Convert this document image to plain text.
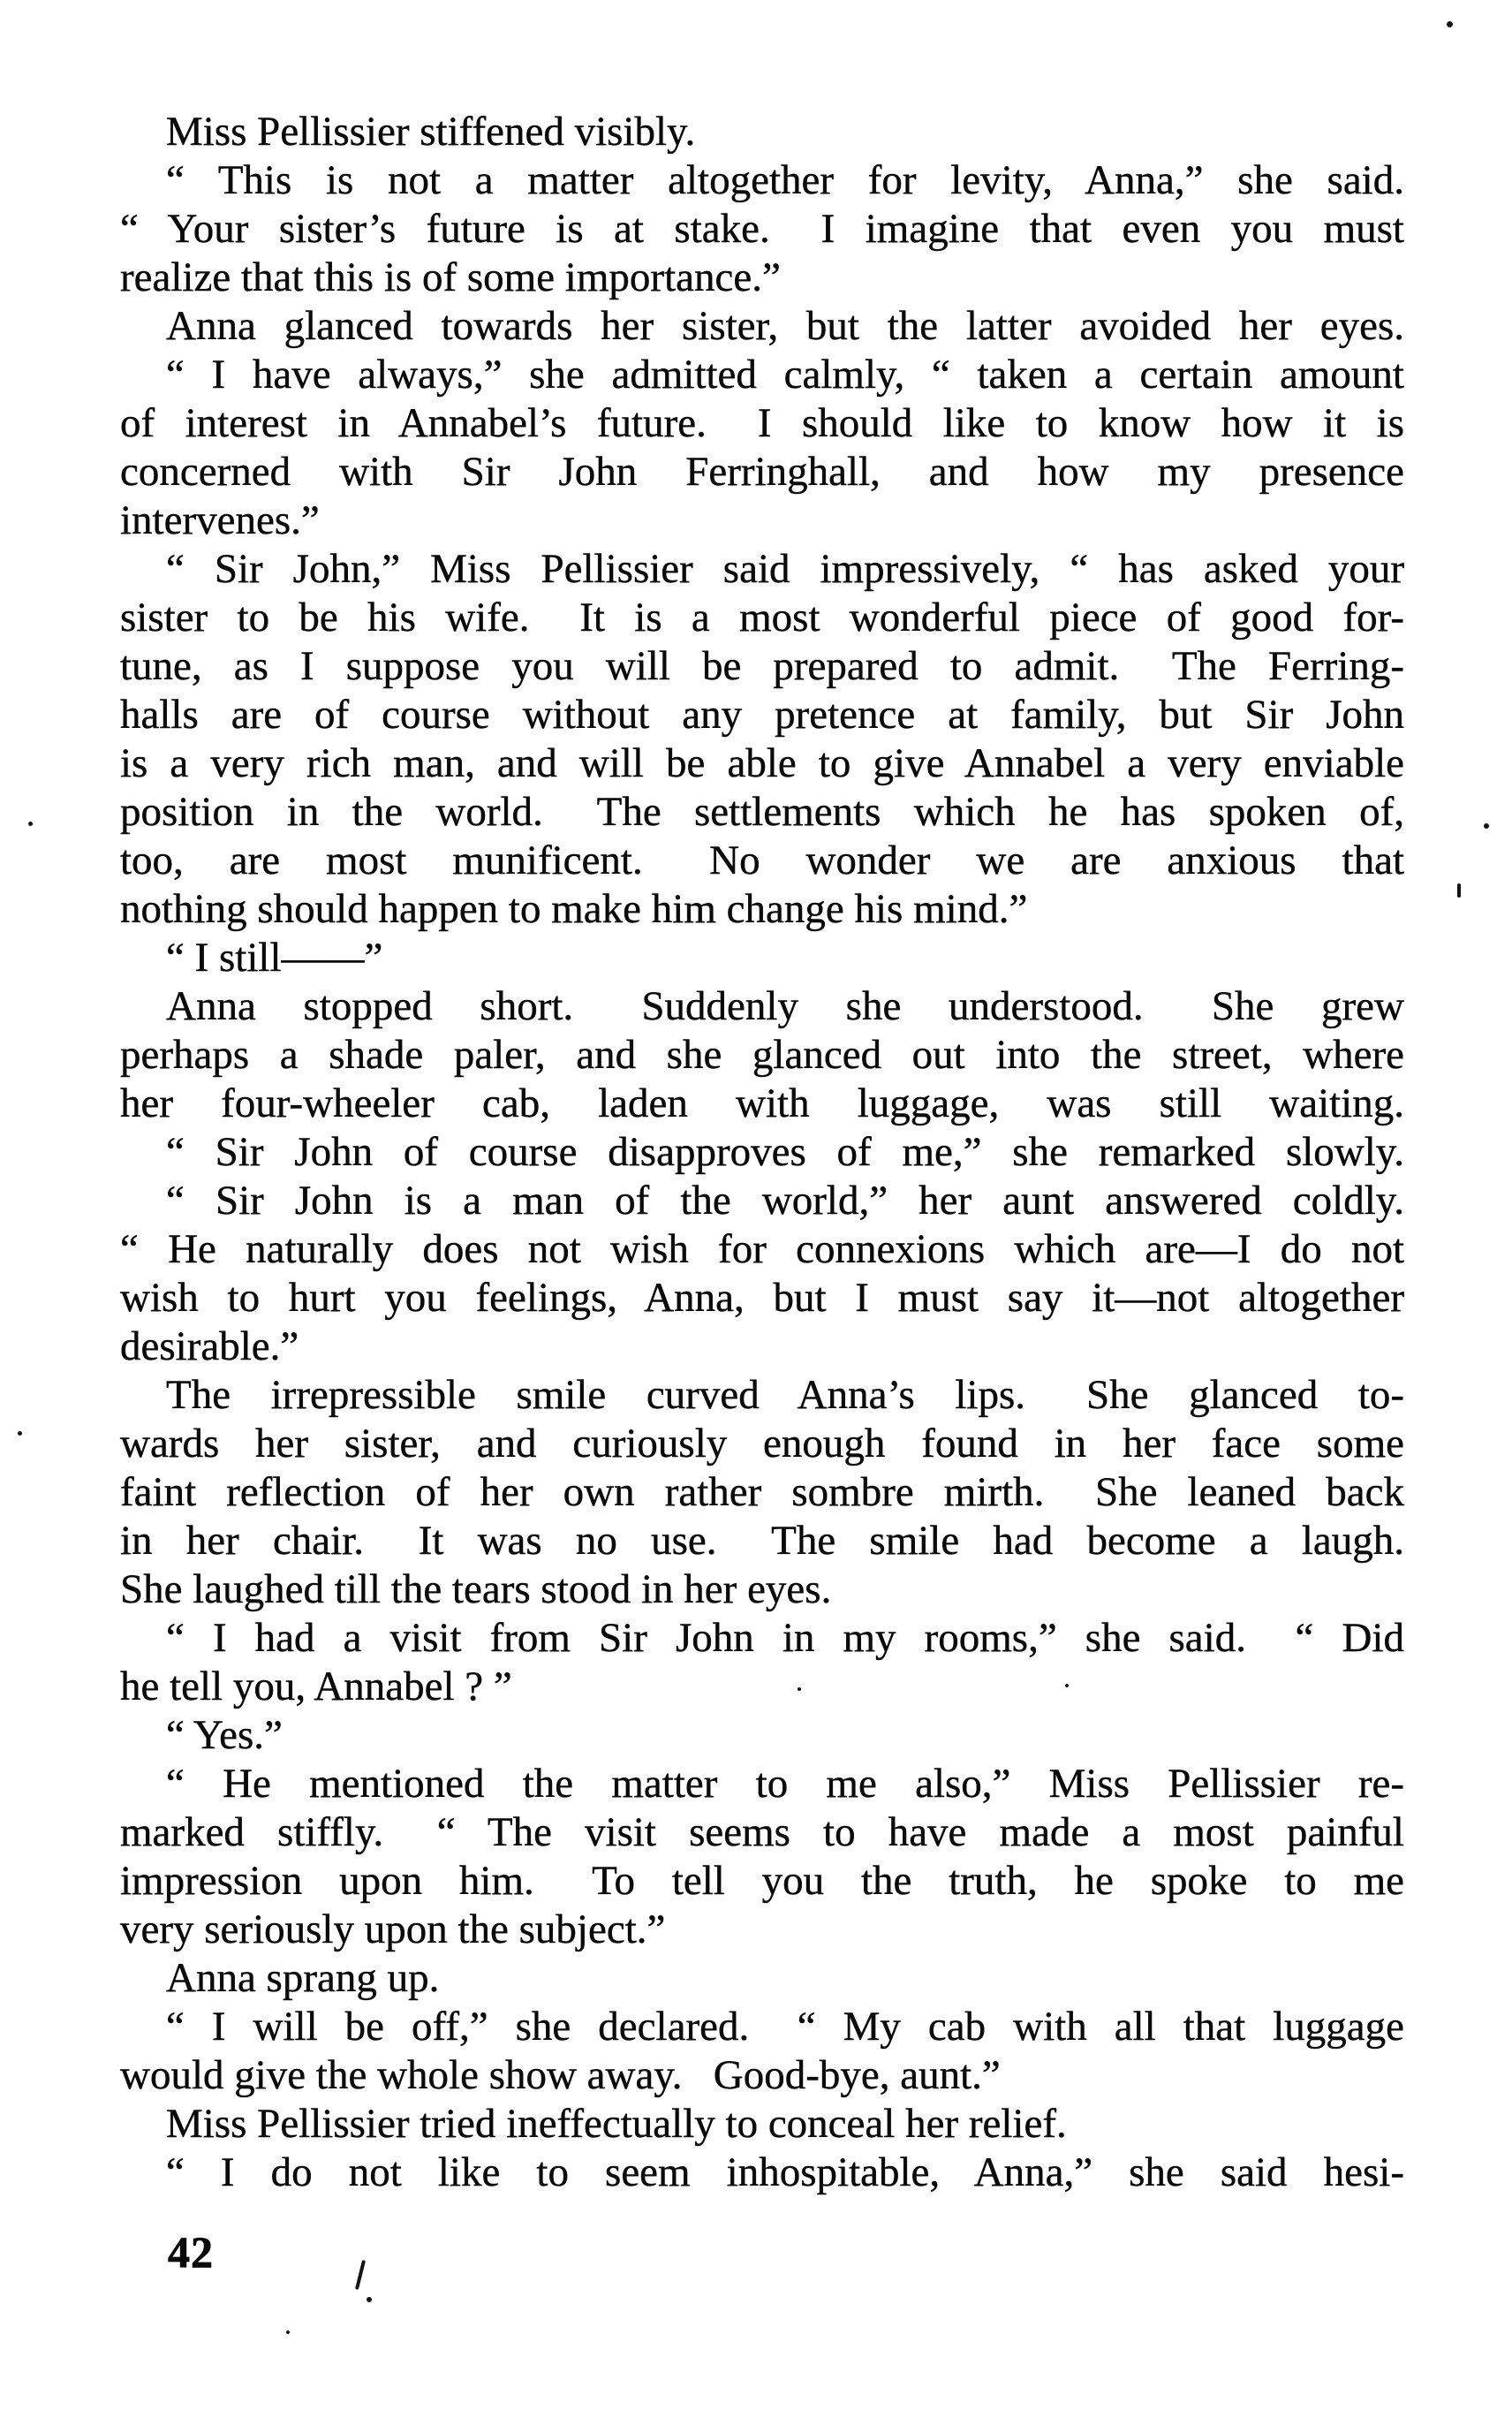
Miss Pellissier stiffened visibly.
“ This is not a matter altogether for levity, Anna,” she said.
“ Your sister’s future is at stake.  I imagine that even you must
realize that this is of some importance.”
Anna glanced towards her sister, but the latter avoided her eyes.
“ I have always,” she admitted calmly, “ taken a certain amount
of interest in Annabel’s future.  I should like to know how it is
concerned with Sir John Ferringhall, and how my presence
intervenes.”
“ Sir John,” Miss Pellissier said impressively, “ has asked your
sister to be his wife.  It is a most wonderful piece of good for-
tune, as I suppose you will be prepared to admit.  The Ferring-
halls are of course without any pretence at family, but Sir John
is a very rich man, and will be able to give Annabel a very enviable
position in the world.  The settlements which he has spoken of,
too, are most munificent.  No wonder we are anxious that
nothing should happen to make him change his mind.”
“ I still——”
Anna stopped short.  Suddenly she understood.  She grew
perhaps a shade paler, and she glanced out into the street, where
her four-wheeler cab, laden with luggage, was still waiting.
“ Sir John of course disapproves of me,” she remarked slowly.
“ Sir John is a man of the world,” her aunt answered coldly.
“ He naturally does not wish for connexions which are—I do not
wish to hurt you feelings, Anna, but I must say it—not altogether
desirable.”
The irrepressible smile curved Anna’s lips.  She glanced to-
wards her sister, and curiously enough found in her face some
faint reflection of her own rather sombre mirth.  She leaned back
in her chair.  It was no use.  The smile had become a laugh.
She laughed till the tears stood in her eyes.
“ I had a visit from Sir John in my rooms,” she said.  “ Did
he tell you, Annabel ? ”
“ Yes.”
“ He mentioned the matter to me also,” Miss Pellissier re-
marked stiffly.  “ The visit seems to have made a most painful
impression upon him.  To tell you the truth, he spoke to me
very seriously upon the subject.”
Anna sprang up.
“ I will be off,” she declared.  “ My cab with all that luggage
would give the whole show away.  Good-bye, aunt.”
Miss Pellissier tried ineffectually to conceal her relief.
“ I do not like to seem inhospitable, Anna,” she said hesi-
42
